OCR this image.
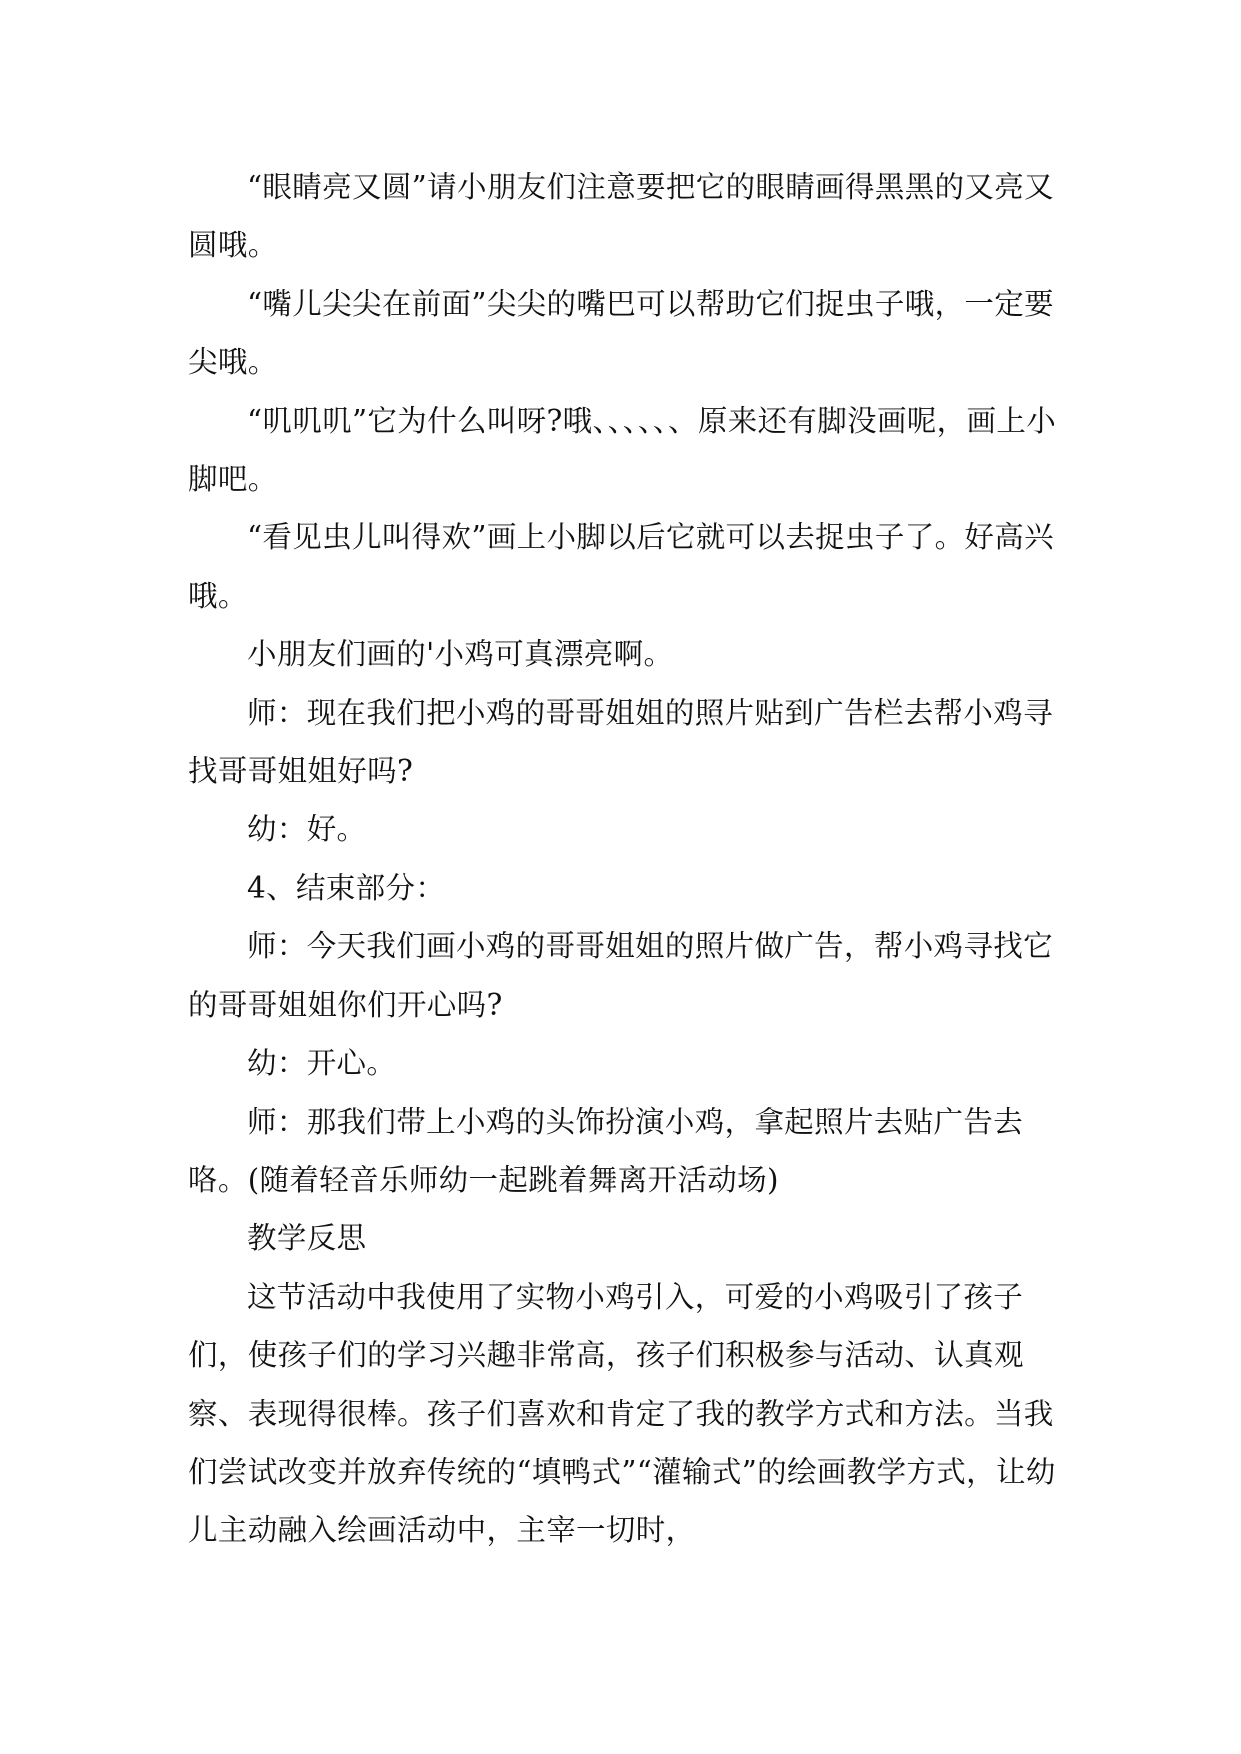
“眼睛亮又圆”请小朋友们注意要把它的眼睛画得黑黑的又亮又圆哦。

“嘴儿尖尖在前面”尖尖的嘴巴可以帮助它们捉虫子哦，一定要尖哦。

“叽叽叽”它为什么叫呀?哦、、、、、、原来还有脚没画呢，画上小脚吧。

“看见虫儿叫得欢”画上小脚以后它就可以去捉虫子了。好高兴哦。

小朋友们画的'小鸡可真漂亮啊。

师：现在我们把小鸡的哥哥姐姐的照片贴到广告栏去帮小鸡寻找哥哥姐姐好吗?

幼：好。

4、结束部分：

师：今天我们画小鸡的哥哥姐姐的照片做广告，帮小鸡寻找它的哥哥姐姐你们开心吗?

幼：开心。

师：那我们带上小鸡的头饰扮演小鸡，拿起照片去贴广告去咯。(随着轻音乐师幼一起跳着舞离开活动场)

教学反思

这节活动中我使用了实物小鸡引入，可爱的小鸡吸引了孩子们，使孩子们的学习兴趣非常高，孩子们积极参与活动、认真观察、表现得很棒。孩子们喜欢和肯定了我的教学方式和方法。当我们尝试改变并放弃传统的“填鸭式”“灌输式”的绘画教学方式，让幼儿主动融入绘画活动中，主宰一切时，
